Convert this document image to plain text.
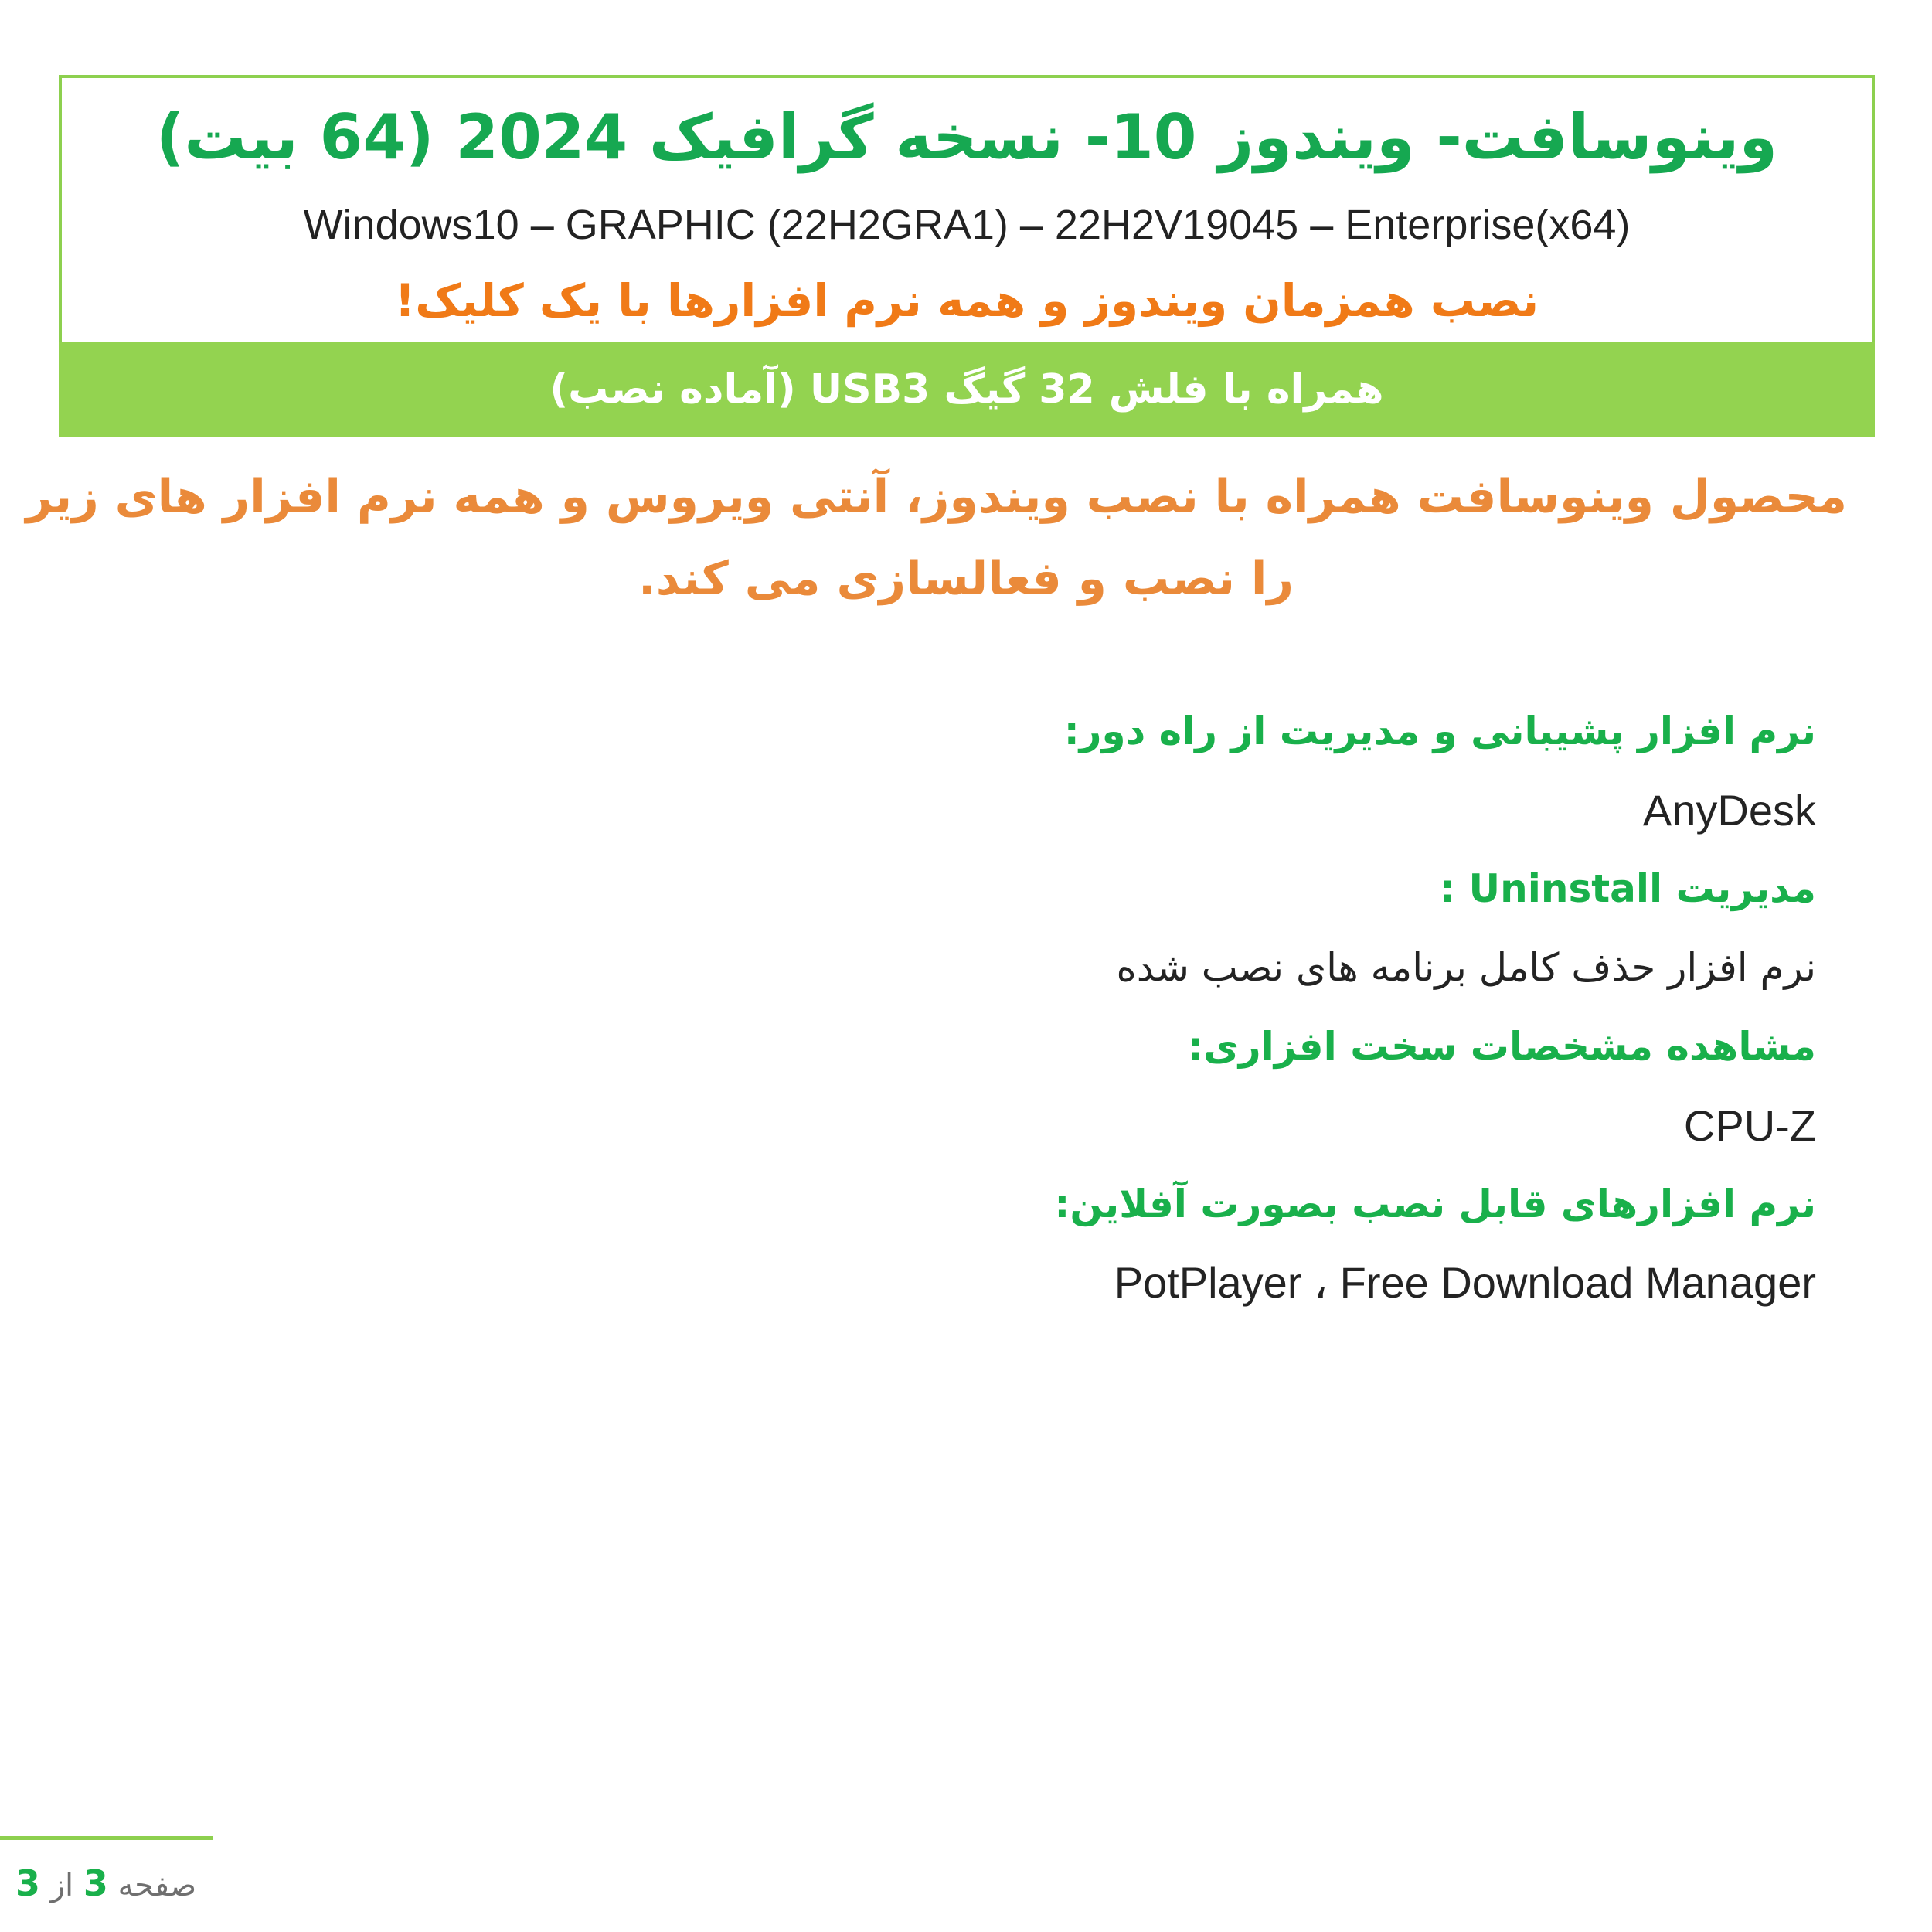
وینوسافت- ویندوز 10- نسخه گرافیک 2024 (64 بیت)
Windows10 – GRAPHIC (22H2GRA1) – 22H2V19045 – Enterprise(x64)
نصب همزمان ویندوز و همه نرم افزارها با یک کلیک!
همراه با فلش 32 گیگ USB3 (آماده نصب)
محصول وینوسافت همراه با نصب ویندوز، آنتی ویروس و همه نرم افزار های زیر
را نصب و فعالسازی می کند.
نرم افزار پشیبانی و مدیریت از راه دور:
AnyDesk
مدیریت Uninstall :
نرم افزار حذف کامل برنامه های نصب شده
مشاهده مشخصات سخت افزاری:
CPU-Z
نرم افزارهای قابل نصب بصورت آفلاین:
PotPlayer ، Free Download Manager
صفحه 3 از 3
